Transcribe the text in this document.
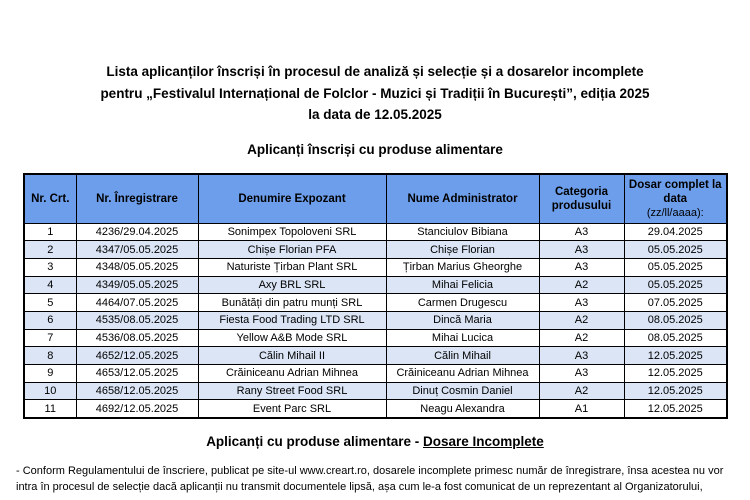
Lista aplicanților înscriși în procesul de analiză și selecție și a dosarelor incomplete
pentru „Festivalul Internațional de Folclor - Muzici și Tradiții în București”, ediția 2025
la data de 12.05.2025
Aplicanți înscriși cu produse alimentare
Nr. Crt.	Nr. Înregistrare	Denumire Expozant	Nume Administrator	Categoria produsului	Dosar complet la data
(zz/ll/aaaa):

1	4236/29.04.2025	Sonimpex Topoloveni SRL	Stanciulov Bibiana	A3	29.04.2025
2	4347/05.05.2025	Chișe Florian PFA	Chișe Florian	A3	05.05.2025
3	4348/05.05.2025	Naturiste Țirban Plant SRL	Țirban Marius Gheorghe	A3	05.05.2025
4	4349/05.05.2025	Axy BRL SRL	Mihai Felicia	A2	05.05.2025
5	4464/07.05.2025	Bunătăți din patru munți SRL	Carmen Drugescu	A3	07.05.2025
6	4535/08.05.2025	Fiesta Food Trading LTD SRL	Dincă Maria	A2	08.05.2025
7	4536/08.05.2025	Yellow A&B Mode SRL	Mihai Lucica	A2	08.05.2025
8	4652/12.05.2025	Călin Mihail II	Călin Mihail	A3	12.05.2025
9	4653/12.05.2025	Crăiniceanu Adrian Mihnea	Crăiniceanu Adrian Mihnea	A3	12.05.2025
10	4658/12.05.2025	Rany Street Food SRL	Dinuț Cosmin Daniel	A2	12.05.2025
11	4692/12.05.2025	Event Parc SRL	Neagu Alexandra	A1	12.05.2025
Aplicanți cu produse alimentare - Dosare Incomplete
- Conform Regulamentului de înscriere, publicat pe site-ul www.creart.ro, dosarele incomplete primesc număr de înregistrare, însa acestea nu vor intra în procesul de selecție dacă aplicanții nu transmit documentele lipsă, așa cum le-a fost comunicat de un reprezentant al Organizatorului,
